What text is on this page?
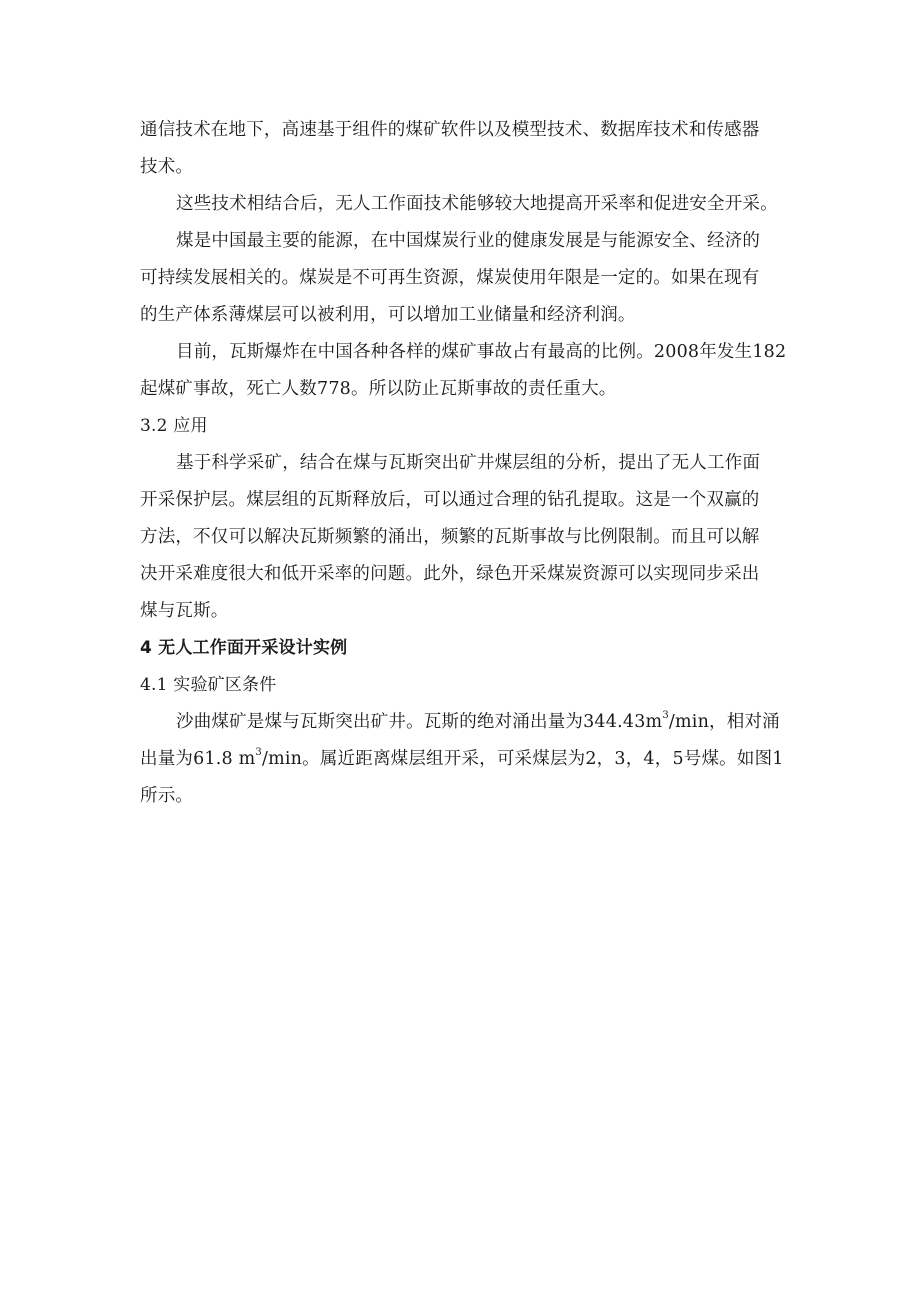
通信技术在地下，高速基于组件的煤矿软件以及模型技术、数据库技术和传感器
技术。
这些技术相结合后，无人工作面技术能够较大地提高开采率和促进安全开采。
煤是中国最主要的能源，在中国煤炭行业的健康发展是与能源安全、经济的
可持续发展相关的。煤炭是不可再生资源，煤炭使用年限是一定的。如果在现有
的生产体系薄煤层可以被利用，可以增加工业储量和经济利润。
目前，瓦斯爆炸在中国各种各样的煤矿事故占有最高的比例。2008年发生182
起煤矿事故，死亡人数778。所以防止瓦斯事故的责任重大。
3.2 应用
基于科学采矿，结合在煤与瓦斯突出矿井煤层组的分析，提出了无人工作面
开采保护层。煤层组的瓦斯释放后，可以通过合理的钻孔提取。这是一个双赢的
方法，不仅可以解决瓦斯频繁的涌出，频繁的瓦斯事故与比例限制。而且可以解
决开采难度很大和低开采率的问题。此外，绿色开采煤炭资源可以实现同步采出
煤与瓦斯。
4 无人工作面开采设计实例
4.1 实验矿区条件
沙曲煤矿是煤与瓦斯突出矿井。瓦斯的绝对涌出量为$344.43m^3/\min$，相对涌
出量为61.8 $m^3/\min$。属近距离煤层组开采，可采煤层为2，3，4，5号煤。如图1
所示。
